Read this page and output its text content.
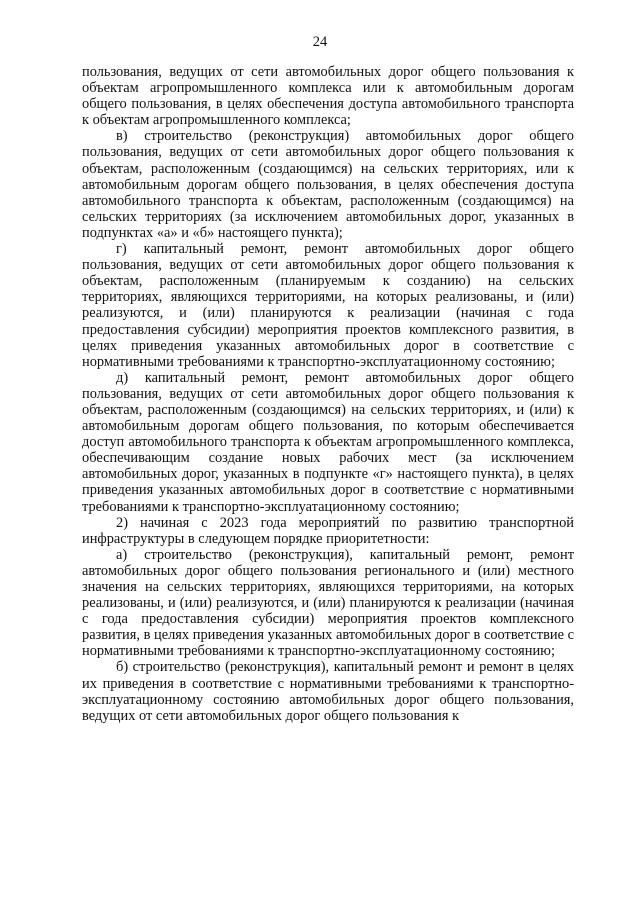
24

пользования, ведущих от сети автомобильных дорог общего пользования к объектам агропромышленного комплекса или к автомобильным дорогам общего пользования, в целях обеспечения доступа автомобильного транспорта к объектам агропромышленного комплекса;

в) строительство (реконструкция) автомобильных дорог общего пользования, ведущих от сети автомобильных дорог общего пользования к объектам, расположенным (создающимся) на сельских территориях, или к автомобильным дорогам общего пользования, в целях обеспечения доступа автомобильного транспорта к объектам, расположенным (создающимся) на сельских территориях (за исключением автомобильных дорог, указанных в подпунктах «а» и «б» настоящего пункта);

г) капитальный ремонт, ремонт автомобильных дорог общего пользования, ведущих от сети автомобильных дорог общего пользования к объектам, расположенным (планируемым к созданию) на сельских территориях, являющихся территориями, на которых реализованы, и (или) реализуются, и (или) планируются к реализации (начиная с года предоставления субсидии) мероприятия проектов комплексного развития, в целях приведения указанных автомобильных дорог в соответствие с нормативными требованиями к транспортно-эксплуатационному состоянию;

д) капитальный ремонт, ремонт автомобильных дорог общего пользования, ведущих от сети автомобильных дорог общего пользования к объектам, расположенным (создающимся) на сельских территориях, и (или) к автомобильным дорогам общего пользования, по которым обеспечивается доступ автомобильного транспорта к объектам агропромышленного комплекса, обеспечивающим создание новых рабочих мест (за исключением автомобильных дорог, указанных в подпункте «г» настоящего пункта), в целях приведения указанных автомобильных дорог в соответствие с нормативными требованиями к транспортно-эксплуатационному состоянию;

2) начиная с 2023 года мероприятий по развитию транспортной инфраструктуры в следующем порядке приоритетности:

а) строительство (реконструкция), капитальный ремонт, ремонт автомобильных дорог общего пользования регионального и (или) местного значения на сельских территориях, являющихся территориями, на которых реализованы, и (или) реализуются, и (или) планируются к реализации (начиная с года предоставления субсидии) мероприятия проектов комплексного развития, в целях приведения указанных автомобильных дорог в соответствие с нормативными требованиями к транспортно-эксплуатационному состоянию;

б) строительство (реконструкция), капитальный ремонт и ремонт в целях их приведения в соответствие с нормативными требованиями к транспортно-эксплуатационному состоянию автомобильных дорог общего пользования, ведущих от сети автомобильных дорог общего пользования к
